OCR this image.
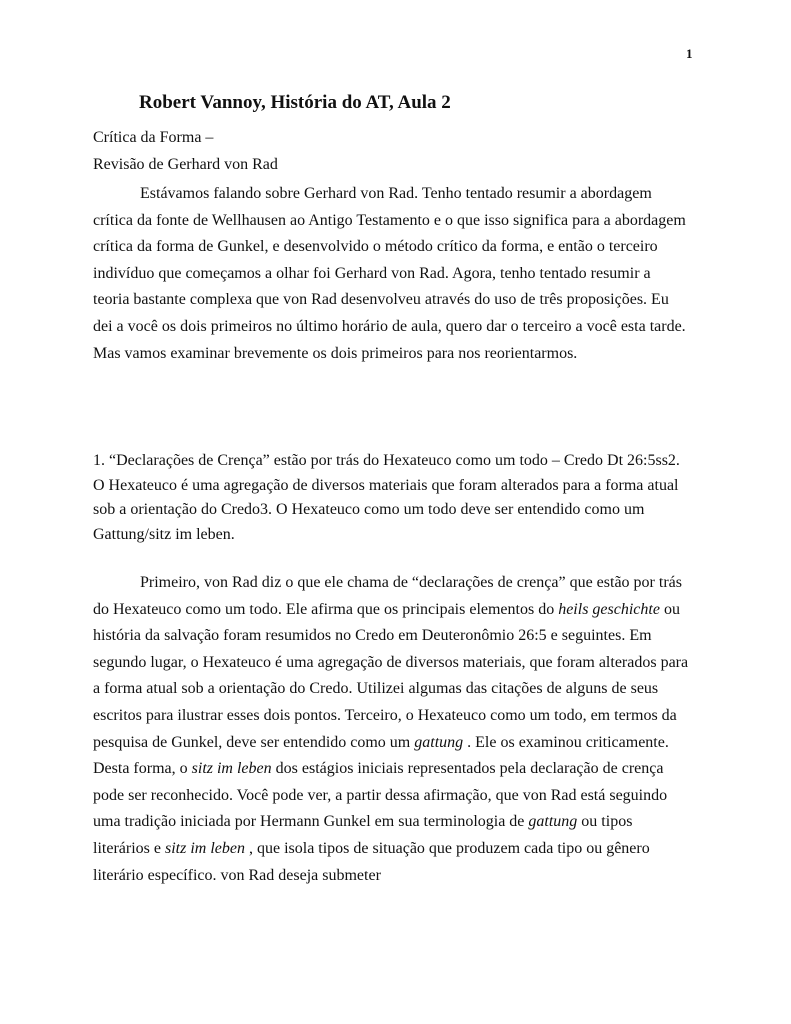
1
Robert Vannoy, História do AT, Aula 2
Crítica da Forma –
Revisão de Gerhard von Rad

Estávamos falando sobre Gerhard von Rad. Tenho tentado resumir a abordagem crítica da fonte de Wellhausen ao Antigo Testamento e o que isso significa para a abordagem crítica da forma de Gunkel, e desenvolvido o método crítico da forma, e então o terceiro indivíduo que começamos a olhar foi Gerhard von Rad. Agora, tenho tentado resumir a teoria bastante complexa que von Rad desenvolveu através do uso de três proposições. Eu dei a você os dois primeiros no último horário de aula, quero dar o terceiro a você esta tarde. Mas vamos examinar brevemente os dois primeiros para nos reorientarmos.

1. “Declarações de Crença” estão por trás do Hexateuco como um todo – Credo Dt 26:5ss2. O Hexateuco é uma agregação de diversos materiais que foram alterados para a forma atual sob a orientação do Credo3. O Hexateuco como um todo deve ser entendido como um Gattung/sitz im leben.

Primeiro, von Rad diz o que ele chama de “declarações de crença” que estão por trás do Hexateuco como um todo. Ele afirma que os principais elementos do heils geschichte ou história da salvação foram resumidos no Credo em Deuteronômio 26:5 e seguintes. Em segundo lugar, o Hexateuco é uma agregação de diversos materiais, que foram alterados para a forma atual sob a orientação do Credo. Utilizei algumas das citações de alguns de seus escritos para ilustrar esses dois pontos. Terceiro, o Hexateuco como um todo, em termos da pesquisa de Gunkel, deve ser entendido como um gattung . Ele os examinou criticamente. Desta forma, o sitz im leben dos estágios iniciais representados pela declaração de crença pode ser reconhecido. Você pode ver, a partir dessa afirmação, que von Rad está seguindo uma tradição iniciada por Hermann Gunkel em sua terminologia de gattung ou tipos literários e sitz im leben , que isola tipos de situação que produzem cada tipo ou gênero literário específico. von Rad deseja submeter
